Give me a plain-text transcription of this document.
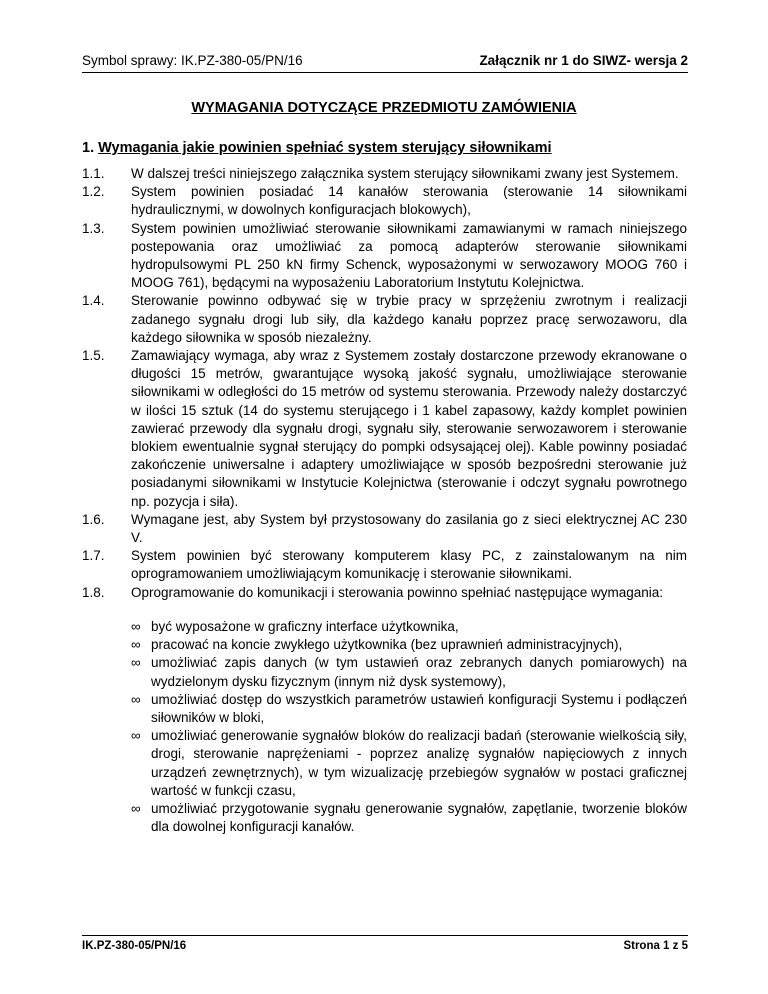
Symbol sprawy: IK.PZ-380-05/PN/16	Załącznik nr 1 do SIWZ- wersja 2
WYMAGANIA DOTYCZĄCE PRZEDMIOTU ZAMÓWIENIA
1. Wymagania jakie powinien spełniać system sterujący siłownikami
1.1.	W dalszej treści niniejszego załącznika system sterujący siłownikami zwany jest Systemem.
1.2.	System powinien posiadać 14 kanałów sterowania (sterowanie 14 siłownikami hydraulicznymi, w dowolnych konfiguracjach blokowych),
1.3.	System powinien umożliwiać sterowanie siłownikami zamawianymi w ramach niniejszego postepowania oraz umożliwiać za pomocą adapterów sterowanie siłownikami hydropulsowymi PL 250 kN firmy Schenck, wyposażonymi w serwozawory MOOG 760 i MOOG 761), będącymi na wyposażeniu Laboratorium Instytutu Kolejnictwa.
1.4.	Sterowanie powinno odbywać się w trybie pracy w sprzężeniu zwrotnym i realizacji zadanego sygnału drogi lub siły, dla każdego kanału poprzez pracę serwozaworu, dla każdego siłownika w sposób niezależny.
1.5.	Zamawiający wymaga, aby wraz z Systemem zostały dostarczone przewody ekranowane o długości 15 metrów, gwarantujące wysoką jakość sygnału, umożliwiające sterowanie siłownikami w odległości do 15 metrów od systemu sterowania. Przewody należy dostarczyć w ilości 15 sztuk (14 do systemu sterującego i 1 kabel zapasowy, każdy komplet powinien zawierać przewody dla sygnału drogi, sygnału siły, sterowanie serwozaworem i sterowanie blokiem ewentualnie sygnał sterujący do pompki odsysającej olej). Kable powinny posiadać zakończenie uniwersalne i adaptery umożliwiające w sposób bezpośredni sterowanie już posiadanymi siłownikami w Instytucie Kolejnictwa (sterowanie i odczyt sygnału powrotnego np. pozycja i siła).
1.6.	Wymagane jest, aby System był przystosowany do zasilania go z sieci elektrycznej AC 230 V.
1.7.	System powinien być sterowany komputerem klasy PC, z zainstalowanym na nim oprogramowaniem umożliwiającym komunikację i sterowanie siłownikami.
1.8.	Oprogramowanie do komunikacji i sterowania powinno spełniać następujące wymagania:
∞ być wyposażone w graficzny interface użytkownika,
∞ pracować na koncie zwykłego użytkownika (bez uprawnień administracyjnych),
∞ umożliwiać zapis danych (w tym ustawień oraz zebranych danych pomiarowych) na wydzielonym dysku fizycznym (innym niż dysk systemowy),
∞ umożliwiać dostęp do wszystkich parametrów ustawień konfiguracji Systemu i podłączeń siłowników w bloki,
∞ umożliwiać generowanie sygnałów bloków do realizacji badań (sterowanie wielkością siły, drogi, sterowanie naprężeniami - poprzez analizę sygnałów napięciowych z innych urządzeń zewnętrznych), w tym wizualizację przebiegów sygnałów w postaci graficznej wartość w funkcji czasu,
∞ umożliwiać przygotowanie sygnału generowanie sygnałów, zapętlanie, tworzenie bloków dla dowolnej konfiguracji kanałów.
IK.PZ-380-05/PN/16	Strona 1 z 5
